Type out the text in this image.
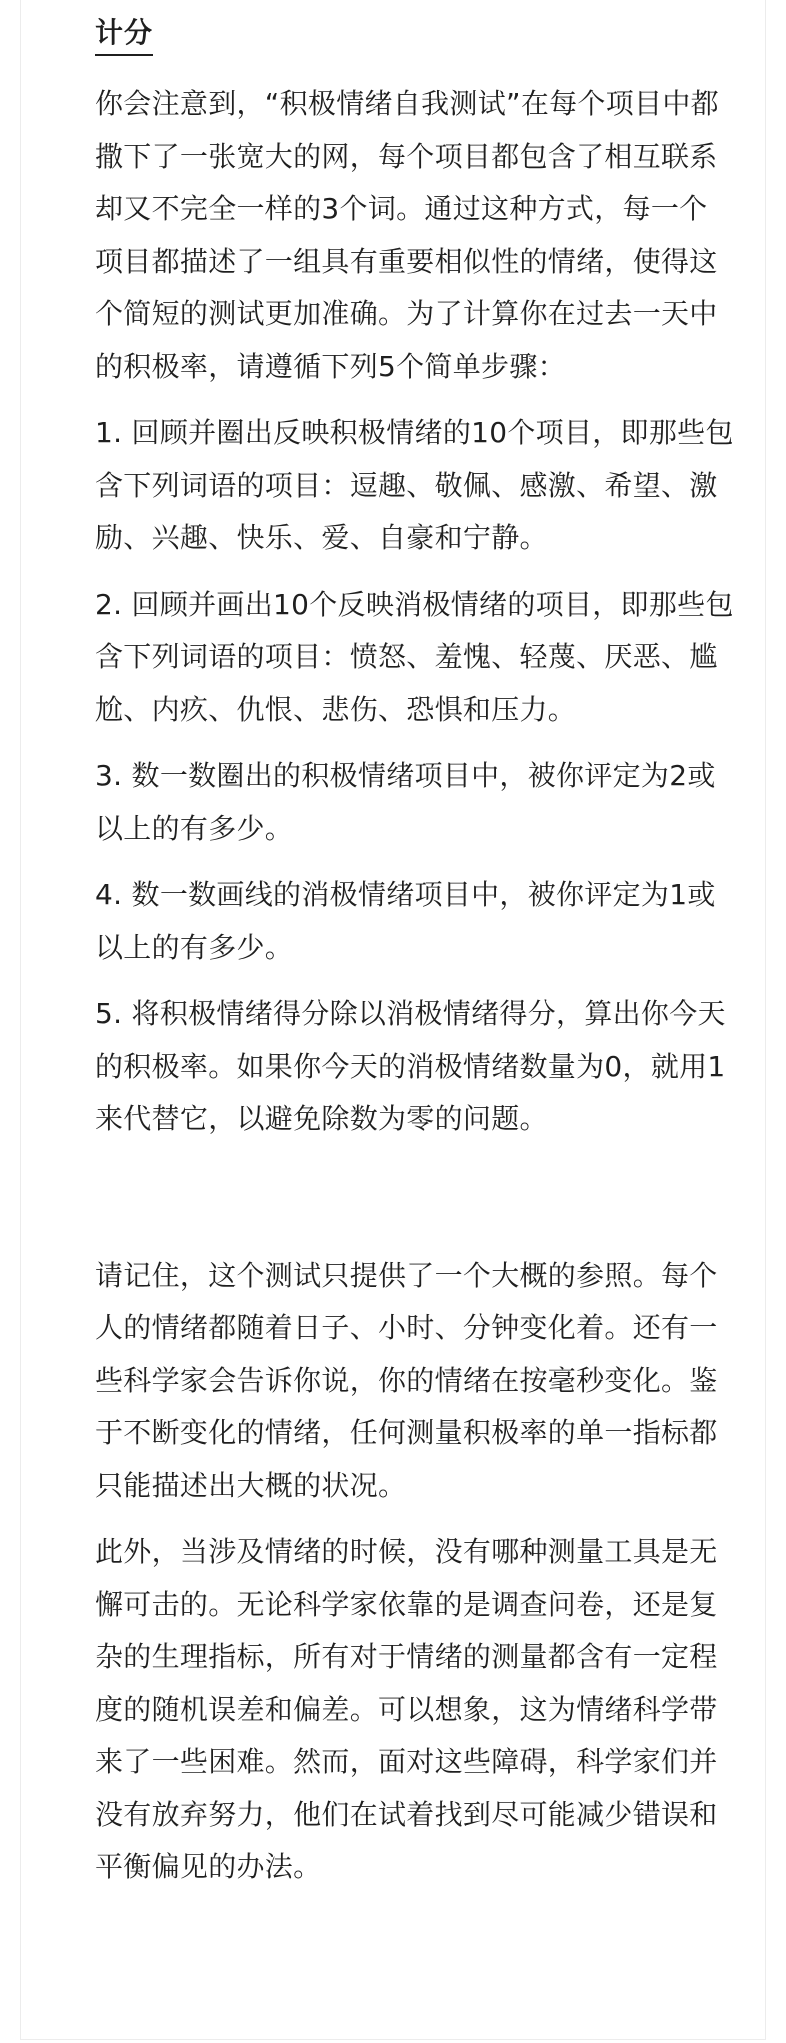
计分

你会注意到，“积极情绪自我测试”在每个项目中都撒下了一张宽大的网，每个项目都包含了相互联系却又不完全一样的3个词。通过这种方式，每一个项目都描述了一组具有重要相似性的情绪，使得这个简短的测试更加准确。为了计算你在过去一天中的积极率，请遵循下列5个简单步骤：

1. 回顾并圈出反映积极情绪的10个项目，即那些包含下列词语的项目：逗趣、敬佩、感激、希望、激励、兴趣、快乐、爱、自豪和宁静。

2. 回顾并画出10个反映消极情绪的项目，即那些包含下列词语的项目：愤怒、羞愧、轻蔑、厌恶、尴尬、内疚、仇恨、悲伤、恐惧和压力。

3. 数一数圈出的积极情绪项目中，被你评定为2或以上的有多少。

4. 数一数画线的消极情绪项目中，被你评定为1或以上的有多少。

5. 将积极情绪得分除以消极情绪得分，算出你今天的积极率。如果你今天的消极情绪数量为0，就用1来代替它，以避免除数为零的问题。

请记住，这个测试只提供了一个大概的参照。每个人的情绪都随着日子、小时、分钟变化着。还有一些科学家会告诉你说，你的情绪在按毫秒变化。鉴于不断变化的情绪，任何测量积极率的单一指标都只能描述出大概的状况。

此外，当涉及情绪的时候，没有哪种测量工具是无懈可击的。无论科学家依靠的是调查问卷，还是复杂的生理指标，所有对于情绪的测量都含有一定程度的随机误差和偏差。可以想象，这为情绪科学带来了一些困难。然而，面对这些障碍，科学家们并没有放弃努力，他们在试着找到尽可能减少错误和平衡偏见的办法。
